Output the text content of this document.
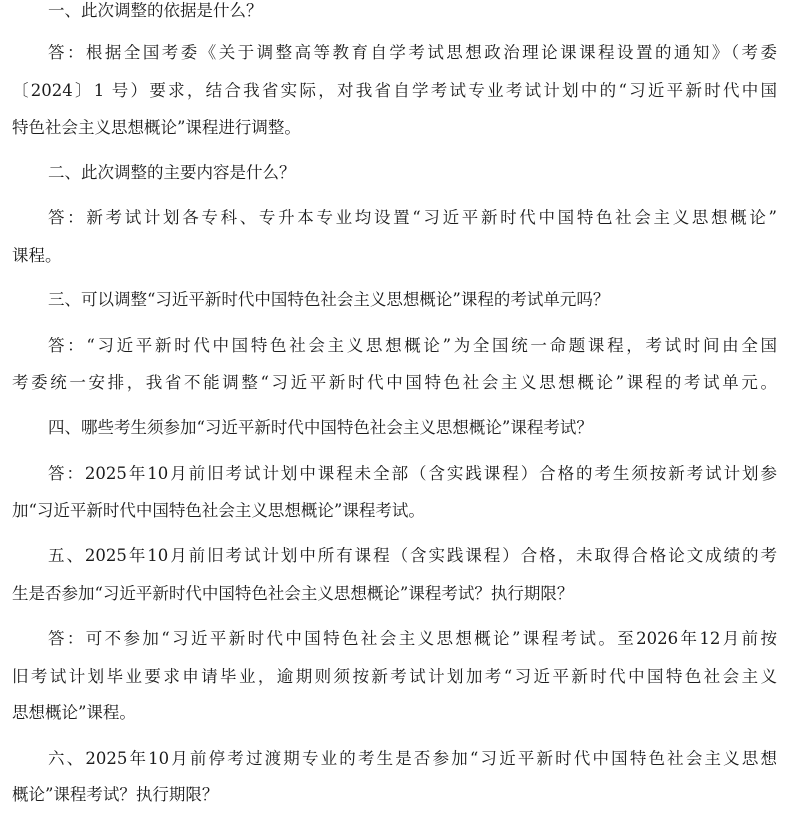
一、此次调整的依据是什么？

答：根据全国考委《关于调整高等教育自学考试思想政治理论课课程设置的通知》（考委

〔2024〕1 号）要求，结合我省实际，对我省自学考试专业考试计划中的“习近平新时代中国

特色社会主义思想概论”课程进行调整。

二、此次调整的主要内容是什么？

答：新考试计划各专科、专升本专业均设置“习近平新时代中国特色社会主义思想概论”

课程。

三、可以调整“习近平新时代中国特色社会主义思想概论”课程的考试单元吗？

答：“习近平新时代中国特色社会主义思想概论”为全国统一命题课程，考试时间由全国

考委统一安排，我省不能调整“习近平新时代中国特色社会主义思想概论”课程的考试单元。

四、哪些考生须参加“习近平新时代中国特色社会主义思想概论”课程考试？

答：2025年10月前旧考试计划中课程未全部（含实践课程）合格的考生须按新考试计划参

加“习近平新时代中国特色社会主义思想概论”课程考试。

五、2025年10月前旧考试计划中所有课程（含实践课程）合格，未取得合格论文成绩的考

生是否参加“习近平新时代中国特色社会主义思想概论”课程考试？执行期限？

答：可不参加“习近平新时代中国特色社会主义思想概论”课程考试。至2026年12月前按

旧考试计划毕业要求申请毕业，逾期则须按新考试计划加考“习近平新时代中国特色社会主义

思想概论”课程。

六、2025年10月前停考过渡期专业的考生是否参加“习近平新时代中国特色社会主义思想

概论”课程考试？执行期限？
